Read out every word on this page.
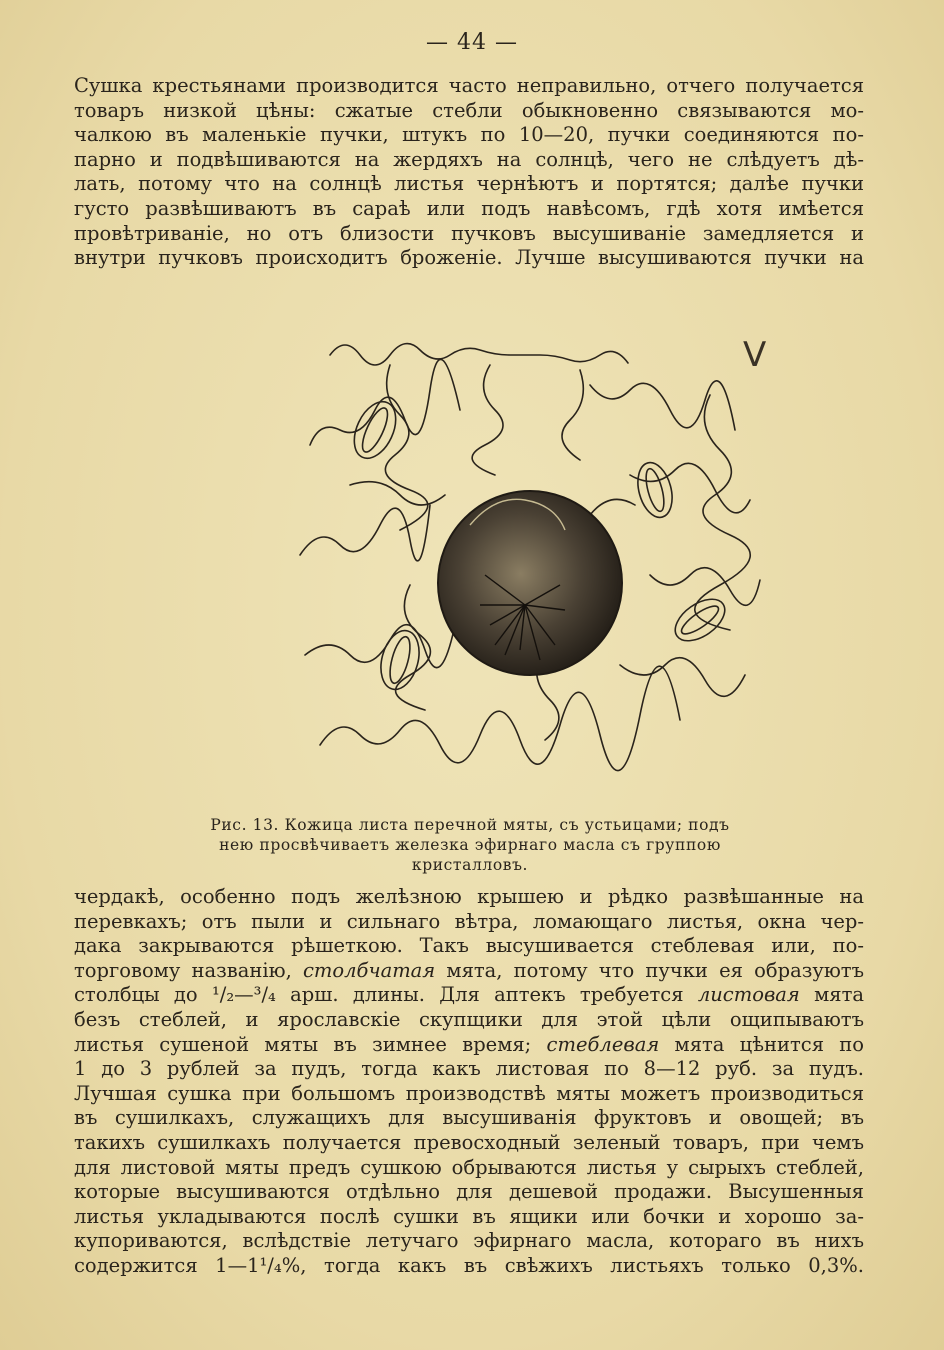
— 44 —
Сушка крестьянами производится часто неправильно, отчего получается
товаръ низкой цѣны: сжатые стебли обыкновенно связываются мо-
чалкою въ маленькіе пучки, штукъ по 10—20, пучки соединяются по-
парно и подвѣшиваются на жердяхъ на солнцѣ, чего не слѣдуетъ дѣ-
лать, потому что на солнцѣ листья чернѣютъ и портятся; далѣе пучки
густо развѣшиваютъ въ сараѣ или подъ навѣсомъ, гдѣ хотя имѣется
провѣтриваніе, но отъ близости пучковъ высушиваніе замедляется и
внутри пучковъ происходитъ броженіе. Лучше высушиваются пучки на
V
Рис. 13. Кожица листа перечной мяты, съ устьицами; подъ
нею просвѣчиваетъ железка эфирнаго масла съ группою
кристалловъ.
чердакѣ, особенно подъ желѣзною крышею и рѣдко развѣшанные на
перевкахъ; отъ пыли и сильнаго вѣтра, ломающаго листья, окна чер-
дака закрываются рѣшеткою. Такъ высушивается стеблевая или, по-
торговому названію, столбчатая мята, потому что пучки ея образуютъ
столбцы до ¹/₂—³/₄ арш. длины. Для аптекъ требуется листовая мята
безъ стеблей, и ярославскіе скупщики для этой цѣли ощипываютъ
листья сушеной мяты въ зимнее время; стеблевая мята цѣнится по
1 до 3 рублей за пудъ, тогда какъ листовая по 8—12 руб. за пудъ.
Лучшая сушка при большомъ производствѣ мяты можетъ производиться
въ сушилкахъ, служащихъ для высушиванія фруктовъ и овощей; въ
такихъ сушилкахъ получается превосходный зеленый товаръ, при чемъ
для листовой мяты предъ сушкою обрываются листья у сырыхъ стеблей,
которые высушиваются отдѣльно для дешевой продажи. Высушенныя
листья укладываются послѣ сушки въ ящики или бочки и хорошо за-
купориваются, вслѣдствіе летучаго эфирнаго масла, котораго въ нихъ
содержится 1—1¹/₄%, тогда какъ въ свѣжихъ листьяхъ только 0,3%.
